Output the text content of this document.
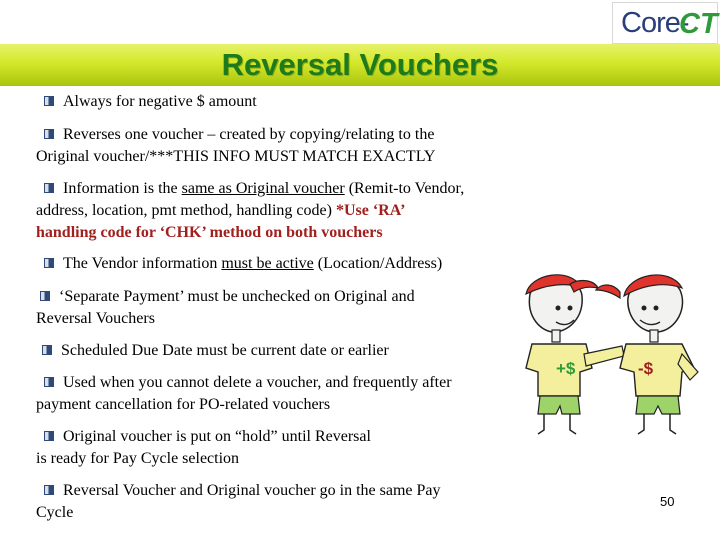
Core-
CT
Reversal Vouchers
Always for negative $ amount
Reverses one voucher – created by copying/relating to the
Original voucher/***THIS INFO MUST MATCH EXACTLY
Information is the same as Original voucher (Remit-to Vendor,
address, location, pmt method, handling code) *Use ‘RA’
handling code for ‘CHK’ method on both vouchers
The Vendor information must be active (Location/Address)
‘Separate Payment’ must be unchecked on Original and
Reversal Vouchers
Scheduled Due Date must be current date or earlier
Used when you cannot delete a voucher, and frequently after
payment cancellation for PO-related vouchers
Original voucher is put on “hold” until Reversal
is ready for Pay Cycle selection
Reversal Voucher and Original voucher go in the same Pay
Cycle
+$	-$
50
